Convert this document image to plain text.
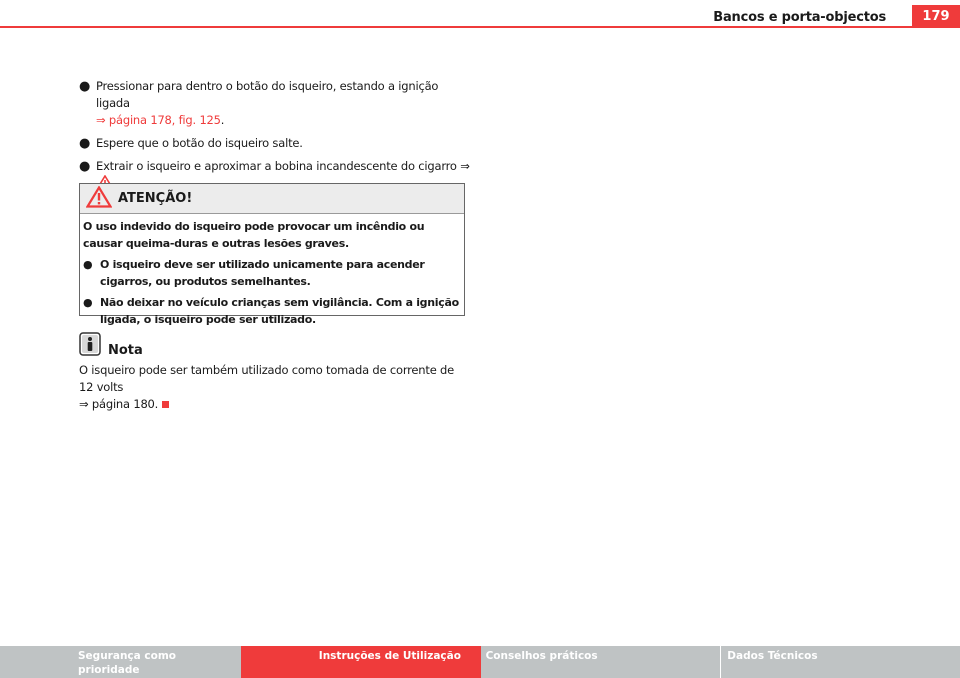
Bancos e porta-objectos	179
● Pressionar para dentro o botão do isqueiro, estando a ignição ligada
⇒ página 178, fig. 125.
● Espere que o botão do isqueiro salte.
● Extrair o isqueiro e aproximar a bobina incandescente do cigarro ⇒
ATENÇÃO!

O uso indevido do isqueiro pode provocar um incêndio ou causar queima-duras e outras lesões graves.

● O isqueiro deve ser utilizado unicamente para acender cigarros, ou produtos semelhantes.
● Não deixar no veículo crianças sem vigilância. Com a ignição ligada, o isqueiro pode ser utilizado.
Nota
O isqueiro pode ser também utilizado como tomada de corrente de 12 volts
⇒ página 180.
Segurança como prioridade
Instruções de Utilização	Conselhos práticos	Dados Técnicos
